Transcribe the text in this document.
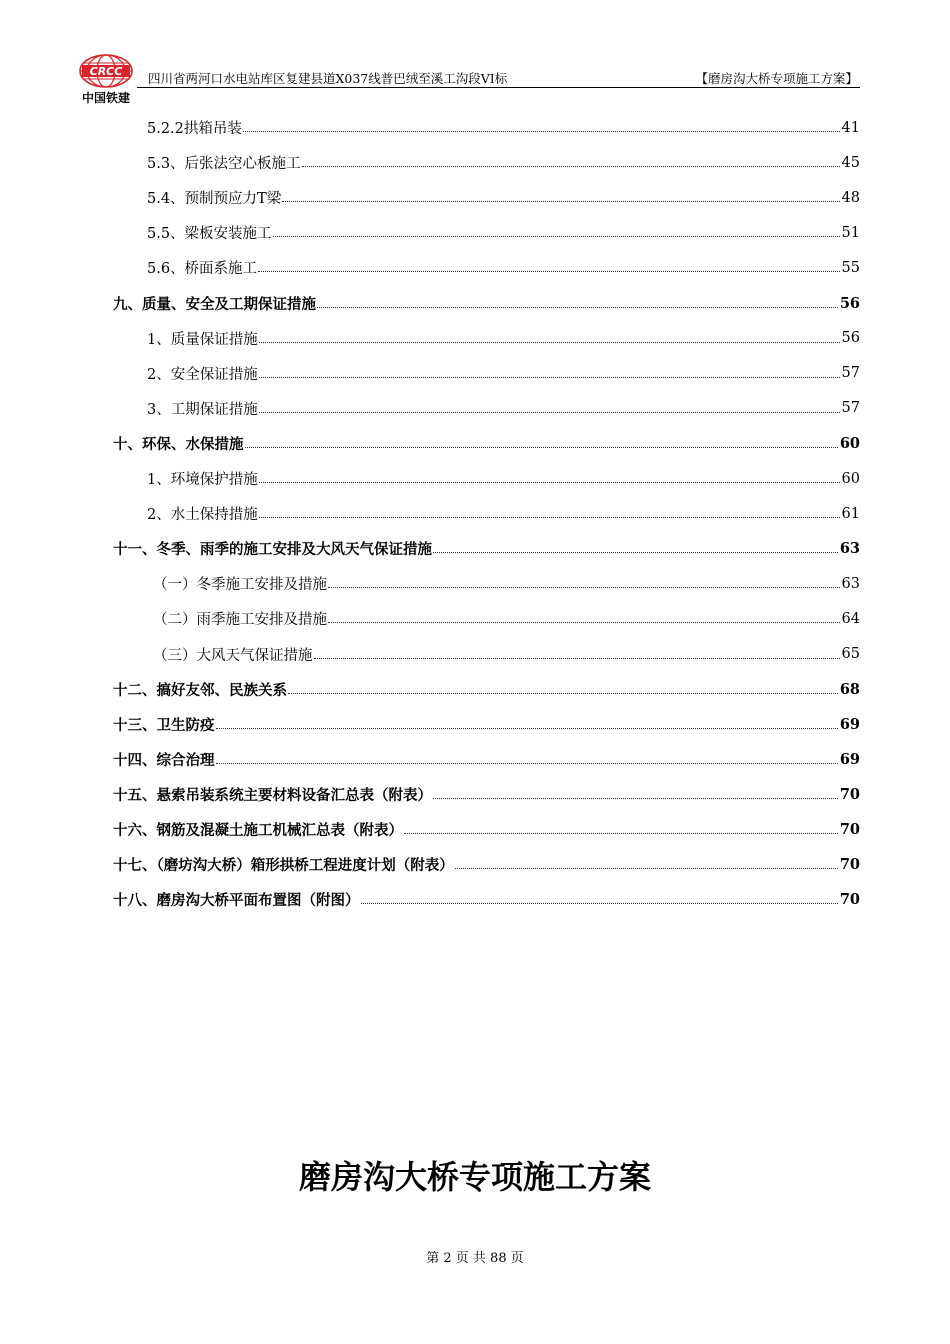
CRCC
中国铁建
四川省两河口水电站库区复建县道X037线普巴绒至溪工沟段VI标	【磨房沟大桥专项施工方案】
5.2.2拱箱吊装	41
5.3、后张法空心板施工	45
5.4、预制预应力T梁	48
5.5、梁板安装施工	51
5.6、桥面系施工	55
九、质量、安全及工期保证措施	56
1、质量保证措施	56
2、安全保证措施	57
3、工期保证措施	57
十、环保、水保措施	60
1、环境保护措施	60
2、水土保持措施	61
十一、冬季、雨季的施工安排及大风天气保证措施	63
（一）冬季施工安排及措施	63
（二）雨季施工安排及措施	64
（三）大风天气保证措施	65
十二、搞好友邻、民族关系	68
十三、卫生防疫	69
十四、综合治理	69
十五、悬索吊装系统主要材料设备汇总表（附表）	70
十六、钢筋及混凝土施工机械汇总表（附表）	70
十七、（磨坊沟大桥）箱形拱桥工程进度计划（附表）	70
十八、磨房沟大桥平面布置图（附图）	70
磨房沟大桥专项施工方案
第 2 页 共 88 页
